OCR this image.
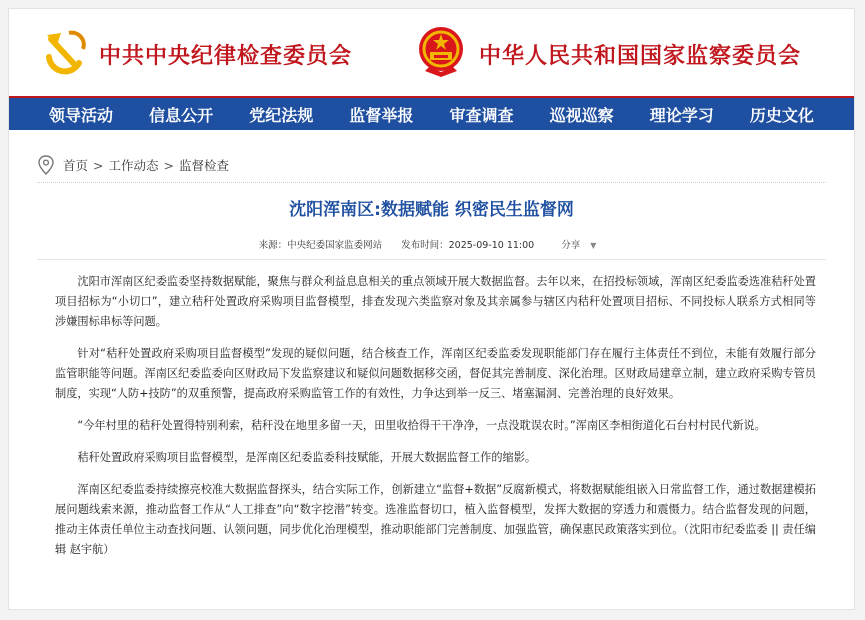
中共中央纪律检查委员会	中华人民共和国国家监察委员会
领导活动 信息公开 党纪法规 监督举报 审查调查 巡视巡察 理论学习 历史文化
首页 > 工作动态 > 监督检查
沈阳浑南区:数据赋能 织密民生监督网
来源：中央纪委国家监委网站 发布时间：2025-09-10 11:00	分享 ▼

沈阳市浑南区纪委监委坚持数据赋能，聚焦与群众利益息息相关的重点领域开展大数据监督。去年以来，在招投标领域，浑南区纪委监委选准秸秆处置项目招标为“小切口”，建立秸秆处置政府采购项目监督模型，排查发现六类监察对象及其亲属参与辖区内秸秆处置项目招标、不同投标人联系方式相同等涉嫌围标串标等问题。

针对“秸秆处置政府采购项目监督模型”发现的疑似问题，结合核查工作，浑南区纪委监委发现职能部门存在履行主体责任不到位，未能有效履行部分监管职能等问题。浑南区纪委监委向区财政局下发监察建议和疑似问题数据移交函，督促其完善制度、深化治理。区财政局建章立制，建立政府采购专管员制度，实现“人防+技防”的双重预警，提高政府采购监管工作的有效性，力争达到举一反三、堵塞漏洞、完善治理的良好效果。

“今年村里的秸秆处置得特别利索，秸秆没在地里多留一天，田里收拾得干干净净，一点没耽误农时。”浑南区李相街道化石台村村民代新说。

秸秆处置政府采购项目监督模型，是浑南区纪委监委科技赋能，开展大数据监督工作的缩影。

浑南区纪委监委持续擦亮校准大数据监督探头，结合实际工作，创新建立“监督+数据”反腐新模式，将数据赋能组嵌入日常监督工作，通过数据建模拓展问题线索来源，推动监督工作从“人工排查”向“数字挖潜”转变。选准监督切口，植入监督模型，发挥大数据的穿透力和震慑力。结合监督发现的问题，推动主体责任单位主动查找问题、认领问题，同步优化治理模型，推动职能部门完善制度、加强监管，确保惠民政策落实到位。（沈阳市纪委监委 || 责任编辑 赵宇航）
